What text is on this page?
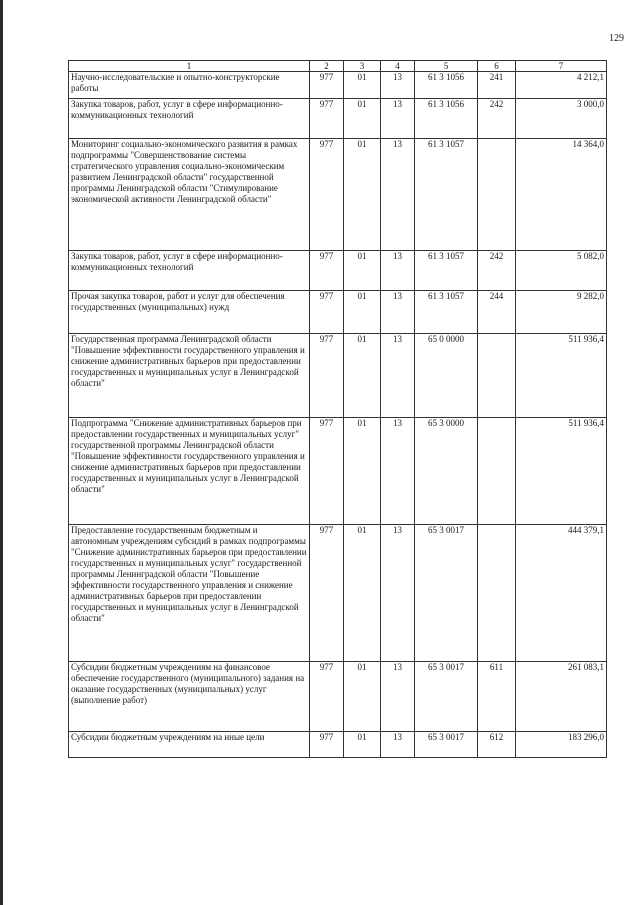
129
1	2	3	4	5	6	7
Научно-исследовательские и опытно-конструкторские работы	977	01	13	61 3 1056	241	4 212,1
Закупка товаров, работ, услуг в сфере информационно-коммуникационных технологий	977	01	13	61 3 1056	242	3 000,0
Мониторинг социально-экономического развития в рамках подпрограммы "Совершенствование системы стратегического управления социально-экономическим развитием Ленинградской области" государственной программы Ленинградской области "Стимулирование экономической активности Ленинградской области"	977	01	13	61 3 1057		14 364,0
Закупка товаров, работ, услуг в сфере информационно-коммуникационных технологий	977	01	13	61 3 1057	242	5 082,0
Прочая закупка товаров, работ и услуг для обеспечения государственных (муниципальных) нужд	977	01	13	61 3 1057	244	9 282,0
Государственная программа Ленинградской области "Повышение эффективности государственного управления и снижение административных барьеров при предоставлении государственных и муниципальных услуг в Ленинградской области"	977	01	13	65 0 0000		511 936,4
Подпрограмма "Снижение административных барьеров при предоставлении государственных и муниципальных услуг" государственной программы Ленинградской области "Повышение эффективности государственного управления и снижение административных барьеров при предоставлении государственных и муниципальных услуг в Ленинградской области"	977	01	13	65 3 0000		511 936,4
Предоставление государственным бюджетным и автономным учреждениям субсидий в рамках подпрограммы "Снижение административных барьеров при предоставлении государственных и муниципальных услуг" государственной программы Ленинградской области "Повышение эффективности государственного управления и снижение административных барьеров при предоставлении государственных и муниципальных услуг в Ленинградской области"	977	01	13	65 3 0017		444 379,1
Субсидии бюджетным учреждениям на финансовое обеспечение государственного (муниципального) задания на оказание государственных (муниципальных) услуг (выполнение работ)	977	01	13	65 3 0017	611	261 083,1
Субсидии бюджетным учреждениям на иные цели	977	01	13	65 3 0017	612	183 296,0
